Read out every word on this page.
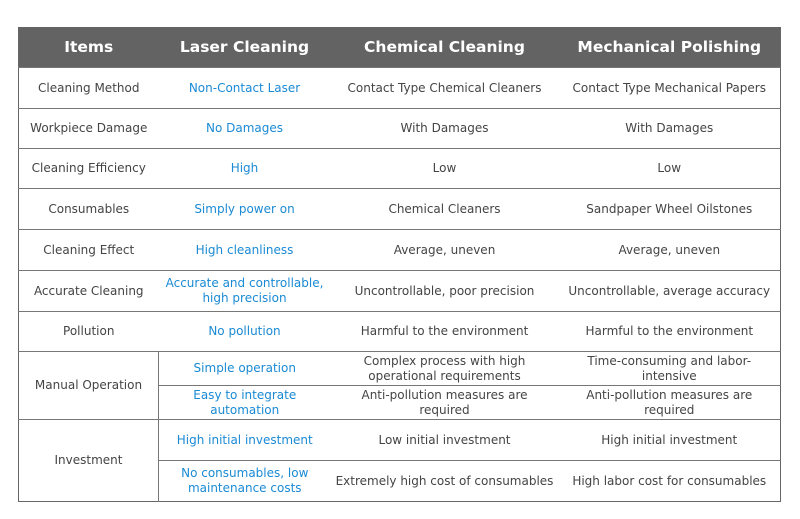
Items	Laser Cleaning	Chemical Cleaning	Mechanical Polishing
Cleaning Method	Non-Contact Laser	Contact Type Chemical Cleaners	Contact Type Mechanical Papers
Workpiece Damage	No Damages	With Damages	With Damages
Cleaning Efficiency	High	Low	Low
Consumables	Simply power on	Chemical Cleaners	Sandpaper Wheel Oilstones
Cleaning Effect	High cleanliness	Average, uneven	Average, uneven
Accurate Cleaning	Accurate and controllable, high precision	Uncontrollable, poor precision	Uncontrollable, average accuracy
Pollution	No pollution	Harmful to the environment	Harmful to the environment
Manual Operation	Simple operation	Complex process with high operational requirements	Time-consuming and labor-intensive
	Easy to integrate automation	Anti-pollution measures are required	Anti-pollution measures are required
Investment	High initial investment	Low initial investment	High initial investment
	No consumables, low maintenance costs	Extremely high cost of consumables	High labor cost for consumables
